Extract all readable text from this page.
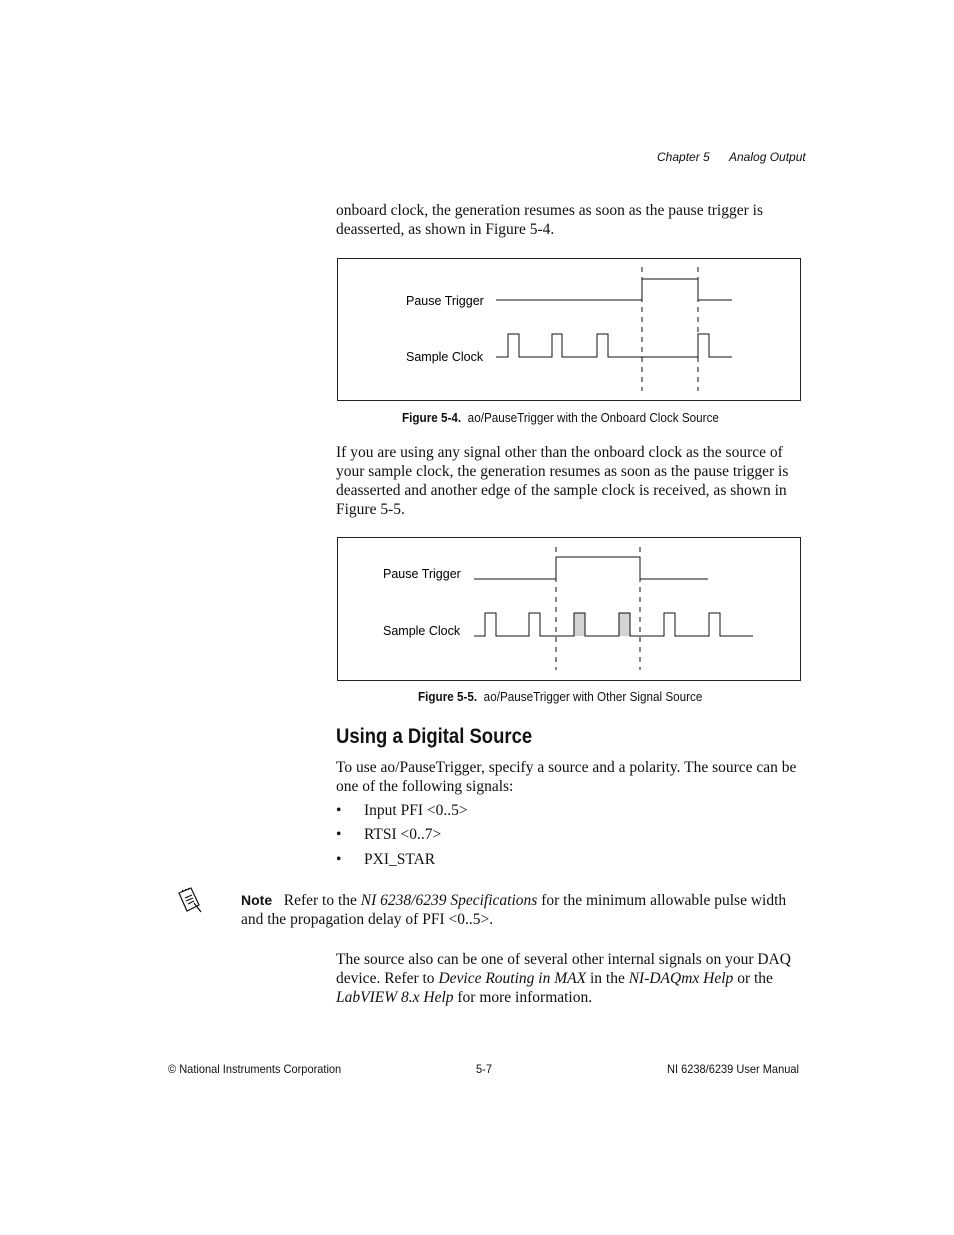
Chapter 5 Analog Output

onboard clock, the generation resumes as soon as the pause trigger is deasserted, as shown in Figure 5-4.

Pause Trigger
Sample Clock
Figure 5-4. ao/PauseTrigger with the Onboard Clock Source

If you are using any signal other than the onboard clock as the source of your sample clock, the generation resumes as soon as the pause trigger is deasserted and another edge of the sample clock is received, as shown in Figure 5-5.

Pause Trigger
Sample Clock
Figure 5-5. ao/PauseTrigger with Other Signal Source
Using a Digital Source

To use ao/PauseTrigger, specify a source and a polarity. The source can be one of the following signals:

• Input PFI <0..5>
• RTSI <0..7>
• PXI_STAR

Note Refer to the NI 6238/6239 Specifications for the minimum allowable pulse width and the propagation delay of PFI <0..5>.

The source also can be one of several other internal signals on your DAQ device. Refer to Device Routing in MAX in the NI-DAQmx Help or the LabVIEW 8.x Help for more information.

© National Instruments Corporation	5-7	NI 6238/6239 User Manual
